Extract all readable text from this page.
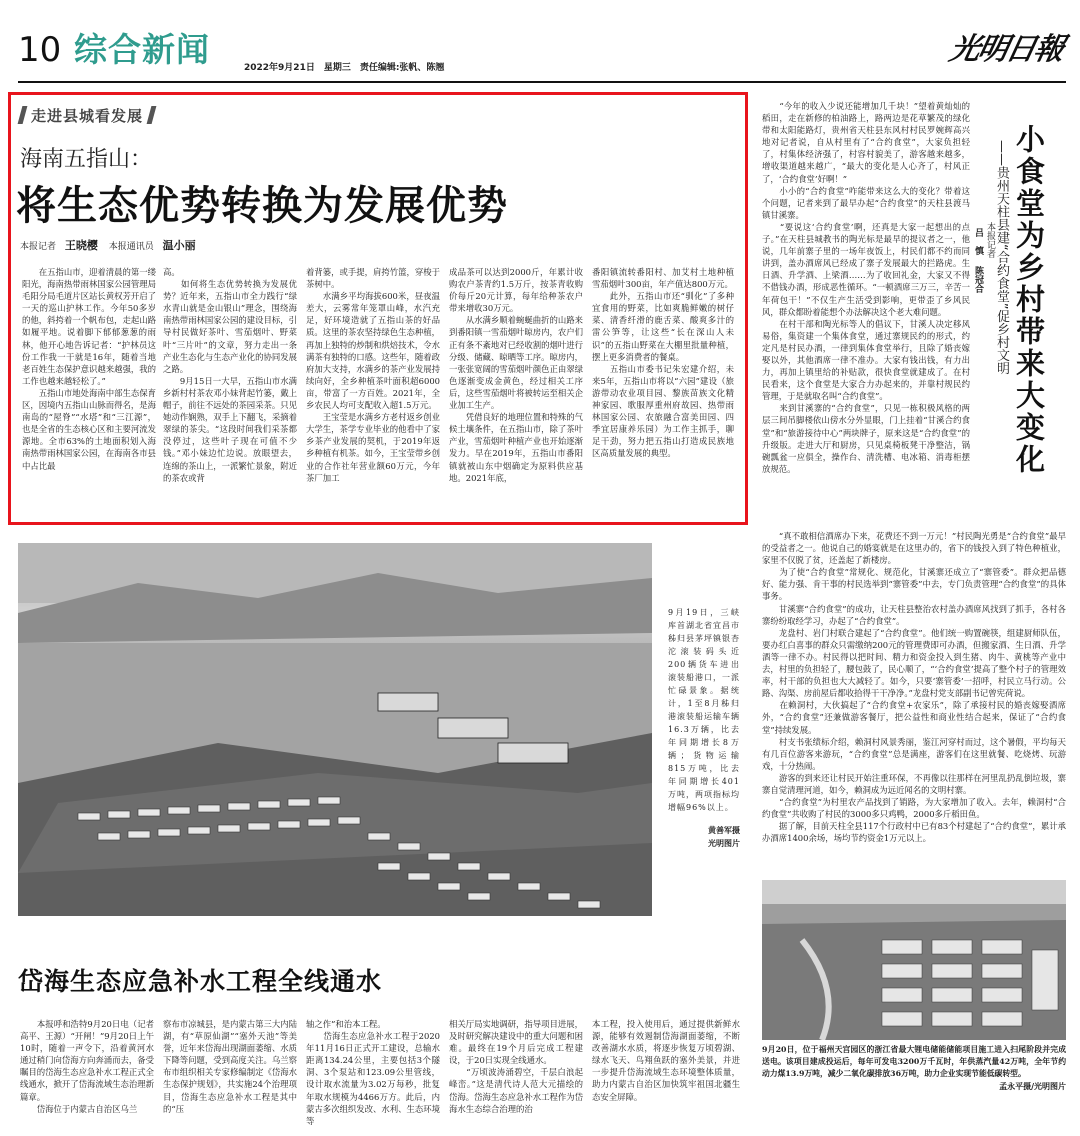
10 综合新闻	2022年9月21日　星期三　责任编辑:张帆、陈翘
光明日報
走进县城看发展
海南五指山：
将生态优势转换为发展优势
本报记者 王晓樱 本报通讯员 温小丽

　　在五指山市，迎着清晨的第一缕阳光，海南热带雨林国家公园管理局毛阳分局毛道片区站长黄权芳开启了一天的巡山护林工作。今年50多岁的他，斜挎着一个帆布包，走起山路如履平地。说着脚下郁郁葱葱的雨林，他开心地告诉记者：“护林员这份工作我一干就是16年，随着当地老百姓生态保护意识越来越强，我的工作也越来越轻松了。”
　　五指山市地处海南中部生态保育区，因境内五指山山脉而得名，是海南岛的“屋脊”“水塔”和“三江源”，也是全省的生态核心区和主要河流发源地。全市63%的土地面积划入海南热带雨林国家公园，在海南各市县中占比最

高。
　　如何将生态优势转换为发展优势？近年来，五指山市全力践行“绿水青山就是金山银山”理念，围绕海南热带雨林国家公园的建设目标，引导村民做好茶叶、雪茄烟叶、野菜叶“三片叶”的文章，努力走出一条产业生态化与生态产业化的协同发展之路。
　　9月15日一大早，五指山市水满乡新村村茶农邓小妹背起竹篓，戴上帽子，前往不远处的茶园采茶。只见她动作娴熟，双手上下翻飞，采摘着翠绿的茶尖。“这段时间我们采茶都没停过，这些叶子现在可值不少钱。”邓小妹边忙边说。放眼望去，连绵的茶山上，一派繁忙景象，附近的茶农或背

着背篓，或手提，肩挎竹篮，穿梭于茶树中。
　　水满乡平均海拔600米，昼夜温差大，云雾常年笼罩山峰，水汽充足，好环境造就了五指山茶的好品质。这里的茶农坚持绿色生态种植，再加上独特的炒制和烘焙技术，令水满茶有独特的口感。这些年，随着政府加大支持，水满乡的茶产业发展持续向好，全乡种植茶叶面积超6000亩，带富了一方百姓。2021年，全乡农民人均可支配收入超1.5万元。
　　王宝莹是水满乡方老村返乡创业大学生，茶学专业毕业的他看中了家乡茶产业发展的契机，于2019年返乡种植有机茶。如今，王宝莹带乡创业的合作社年营业额60万元，今年茶厂加工

成品茶可以达到2000斤，年累计收购农户茶青约1.5万斤，按茶青收购价每斤20元计算，每年给种茶农户带来增收30万元。
　　从水满乡顺着蜿蜒曲折的山路来到番阳镇一雪茄烟叶晾房内，农户们正有条不紊地对已经收割的烟叶进行分级、储藏、晾晒等工序。晾房内，一张张宽阔的雪茄烟叶颜色正由翠绿色逐渐变成金黄色，经过相关工序后，这些雪茄烟叶将被转运至相关企业加工生产。
　　凭借良好的地理位置和特殊的气候土壤条件，在五指山市，除了茶叶产业，雪茄烟叶种植产业也开始逐渐发力。早在2019年，五指山市番阳镇就被山东中烟确定为原料供应基地。2021年底，

番阳镇流转番阳村、加艾村土地种植雪茄烟叶300亩，年产值达800万元。
　　此外，五指山市还“驯化”了多种宜食用的野菜，比如爽脆鲜嫩的树仔菜、清香纤滑的鹿舌菜、酸爽多汁的雷公笋等，让这些“长在深山人未识”的五指山野菜在大棚里批量种植，摆上更多消费者的餐桌。
　　五指山市委书记朱宏建介绍，未来5年，五指山市将以“六园”建设（旅游带动农业项目园、黎族苗族文化精神家园、歌服厚重州府故园、热带雨林国家公园、农旅融合富美田园、四季宜居康养乐园）为工作主抓手，聊足干劲，努力把五指山打造成民族地区高质量发展的典型。

9月19日，三峡库首湖北省宜昌市秭归县茅坪镇银杏沱滚装码头近200辆货车进出滚装船港口，一派忙碌景象。据统计，1至8月秭归港滚装船运输车辆16.3万辆，比去年同期增长8万辆；货物运输815万吨，比去年同期增长401万吨，两项指标均增幅96%以上。
黄善军摄
光明图片
岱海生态应急补水工程全线通水

　　本报呼和浩特9月20日电（记者高平、王源）“开闸！”9月20日上午10时，随着一声令下，沿着黄河水通过稍门向岱海方向奔涌而去，备受瞩目的岱海生态应急补水工程正式全线通水，掀开了岱海流域生态治理新篇章。
　　岱海位于内蒙古自治区乌兰

察布市凉城县，是内蒙古第三大内陆湖，有“草原仙湖”“塞外天池”等美誉，近年来岱海出现湖面萎缩、水质下降等问题，受到高度关注。乌兰察布市组织相关专家修编制定《岱海水生态保护规划》，共实施24个治理项目，岱海生态应急补水工程是其中的“压

轴之作”和治本工程。
　　岱海生态应急补水工程于2020年11月16日正式开工建设，总输水距离134.24公里，主要包括3个隧洞、3个泵站和123.09公里管线，设计取水流量为3.02万每秒，批复年取水规模为4466万方。此后，内蒙古多次组织发改、水利、生态环境等

相关厅局实地调研，指导项目进展，及时研究解决建设中的重大问题和困难。最终在19个月后完成工程建设，于20日实现全线通水。
　　“万顷波涛涌碧空，千层白浪起峰峦。”这是清代诗人范大元描绘的岱海。岱海生态应急补水工程作为岱海水生态综合治理的治

本工程，投入使用后，通过提供新鲜水源，能够有效遏制岱海湖面萎缩，不断改善湖水水质，将逐步恢复万顷碧湖、绿水飞天、鸟翔鱼跃的塞外美景，并进一步提升岱海流域生态环境整体质量，助力内蒙古自治区加快筑牢祖国北疆生态安全屏障。

　　“今年的收入少说还能增加几千块！”望着黄灿灿的稻田，走在新修的柏油路上，路两边是花草繁茂的绿化带和太阳能路灯，贵州省天柱县东风村村民罗婉辉高兴地对记者说，自从村里有了“合约食堂”，大家负担轻了，村集体经济强了，村容村貌美了，游客越来越多，增收渠道越来越广，“最大的变化是人心齐了，村风正了，‘合约食堂’好啊！”
　　小小的“合约食堂”咋能带来这么大的变化？带着这个问题，记者来到了最早办起“合约食堂”的天柱县渡马镇甘溪寨。
　　“要说这‘合约食堂’啊，还真是大家一起想出的点子。”在天柱县城教书的陶光标是最早的提议者之一，他说，几年前寨子里的一场年夜饭上，村民们都不约而同讲到，盖办酒席风已经成了寨子发展最大的拦路虎。生日酒、升学酒、上梁酒……为了收回礼金，大家又不得不借钱办酒，形成恶性循环。“一顿酒席三万三，辛苦一年荷包干！”不仅生产生活受到影响，更带歪了乡风民风，群众都盼着能想个办法解决这个老大难问题。
　　在村干部和陶光标等人的倡议下，甘溪人决定移风易俗，集资建一个集体食堂，通过寨规民约的形式，约定凡是村民办酒，一律到集体食堂举行，且除了婚丧嫁娶以外，其他酒席一律不准办。大家有钱出钱，有力出力，再加上镇里给的补贴款，很快食堂就建成了。在村民看来，这个食堂是大家合力办起来的，并靠村规民约管理，于是就取名叫“合约食堂”。
　　来到甘溪寨的“合约食堂”，只见一栋积极风格的两层三间吊脚楼依山傍水分外显眼，门上挂着“甘溪合约食堂”和“旅游接待中心”两块牌子，原来这是“合约食堂”的升级版。走进大厅和厨房，只见桌椅板凳干净整洁，锅碗瓢盆一应俱全，操作台、清洗槽、电冰箱、消毒柜摆放规范。	小食堂为乡村带来大变化
——贵州天柱县建“合约食堂”促乡村文明
本报记者
吕　慎 陈冠合

　　“真不敢相信酒席办下来，花费还不到一万元！”村民陶光勇是“合约食堂”最早的受益者之一。他说自己的婚宴就是在这里办的，省下的钱投入到了特色种植业，家里不仅脱了贫，还盖起了新楼房。
　　为了使“合约食堂”常规化、规范化，甘溪寨还成立了“寨管委”。群众把品德好、能力强、肯干事的村民选举到“寨管委”中去，专门负责管理“合约食堂”的具体事务。
　　甘溪寨“合约食堂”的成功，让天柱县整治农村盖办酒席风找到了抓手，各村各寨纷纷取经学习，办起了“合约食堂”。
　　龙盘村、岩门村联合建起了“合约食堂”。他们统一购置碗筷，组建厨师队伍，要办红白喜事的群众只需缴纳200元的管理费即可办酒，但搬家酒、生日酒、升学酒等一律不办。村民得以把时间、精力和资金投入到生猪、肉牛、黄桃等产业中去，村里的负担轻了，腰包鼓了，民心顺了，“‘合约食堂’提高了整个村子的管理效率，村干部的负担也大大减轻了。如今，只要‘寨管委’一招呼，村民立马行动。公路、沟渠、房前屋后都收拾得干干净净。”龙盘村党支部副书记曾宪荷说。
　　在赖洞村，大伙搞起了“合约食堂+农家乐”，除了承接村民的婚丧嫁娶酒席外，“合约食堂”还兼做游客餐厅，把公益性和商业性结合起来，保证了“合约食堂”持续发展。
　　村支书张绩标介绍，赖洞村风景秀丽，鉴江河穿村而过，这个暑假，平均每天有几百位游客来游玩，“合约食堂”总是满座，游客们在这里就餐、吃烧烤、玩游戏，十分热闹。
　　游客的到来还让村民开始注重环保，不再像以往那样在河里乱扔乱倒垃圾，寨寨自觉清理河道，如今，赖洞成为远近闻名的文明村寨。
　　“合约食堂”为村里农产品找到了销路，为大家增加了收入。去年，赖洞村“合约食堂”共收购了村民的3000多只鸡鸭，2000多斤稻田鱼。
　　据了解，目前天柱全县117个行政村中已有83个村建起了“合约食堂”，累计承办酒席1400余场，场均节约资金1万元以上。

9月20日，位于福州天宫园区的浙江省最大锂电储能储能项目施工进入扫尾阶段并完成送电。该项目建成投运后，每年可发电3200万千瓦时，年供蒸汽量42万吨，全年节约动力煤13.9万吨，减少二氧化碳排放36万吨，助力企业实现节能低碳转型。
孟永平摄/光明图片
